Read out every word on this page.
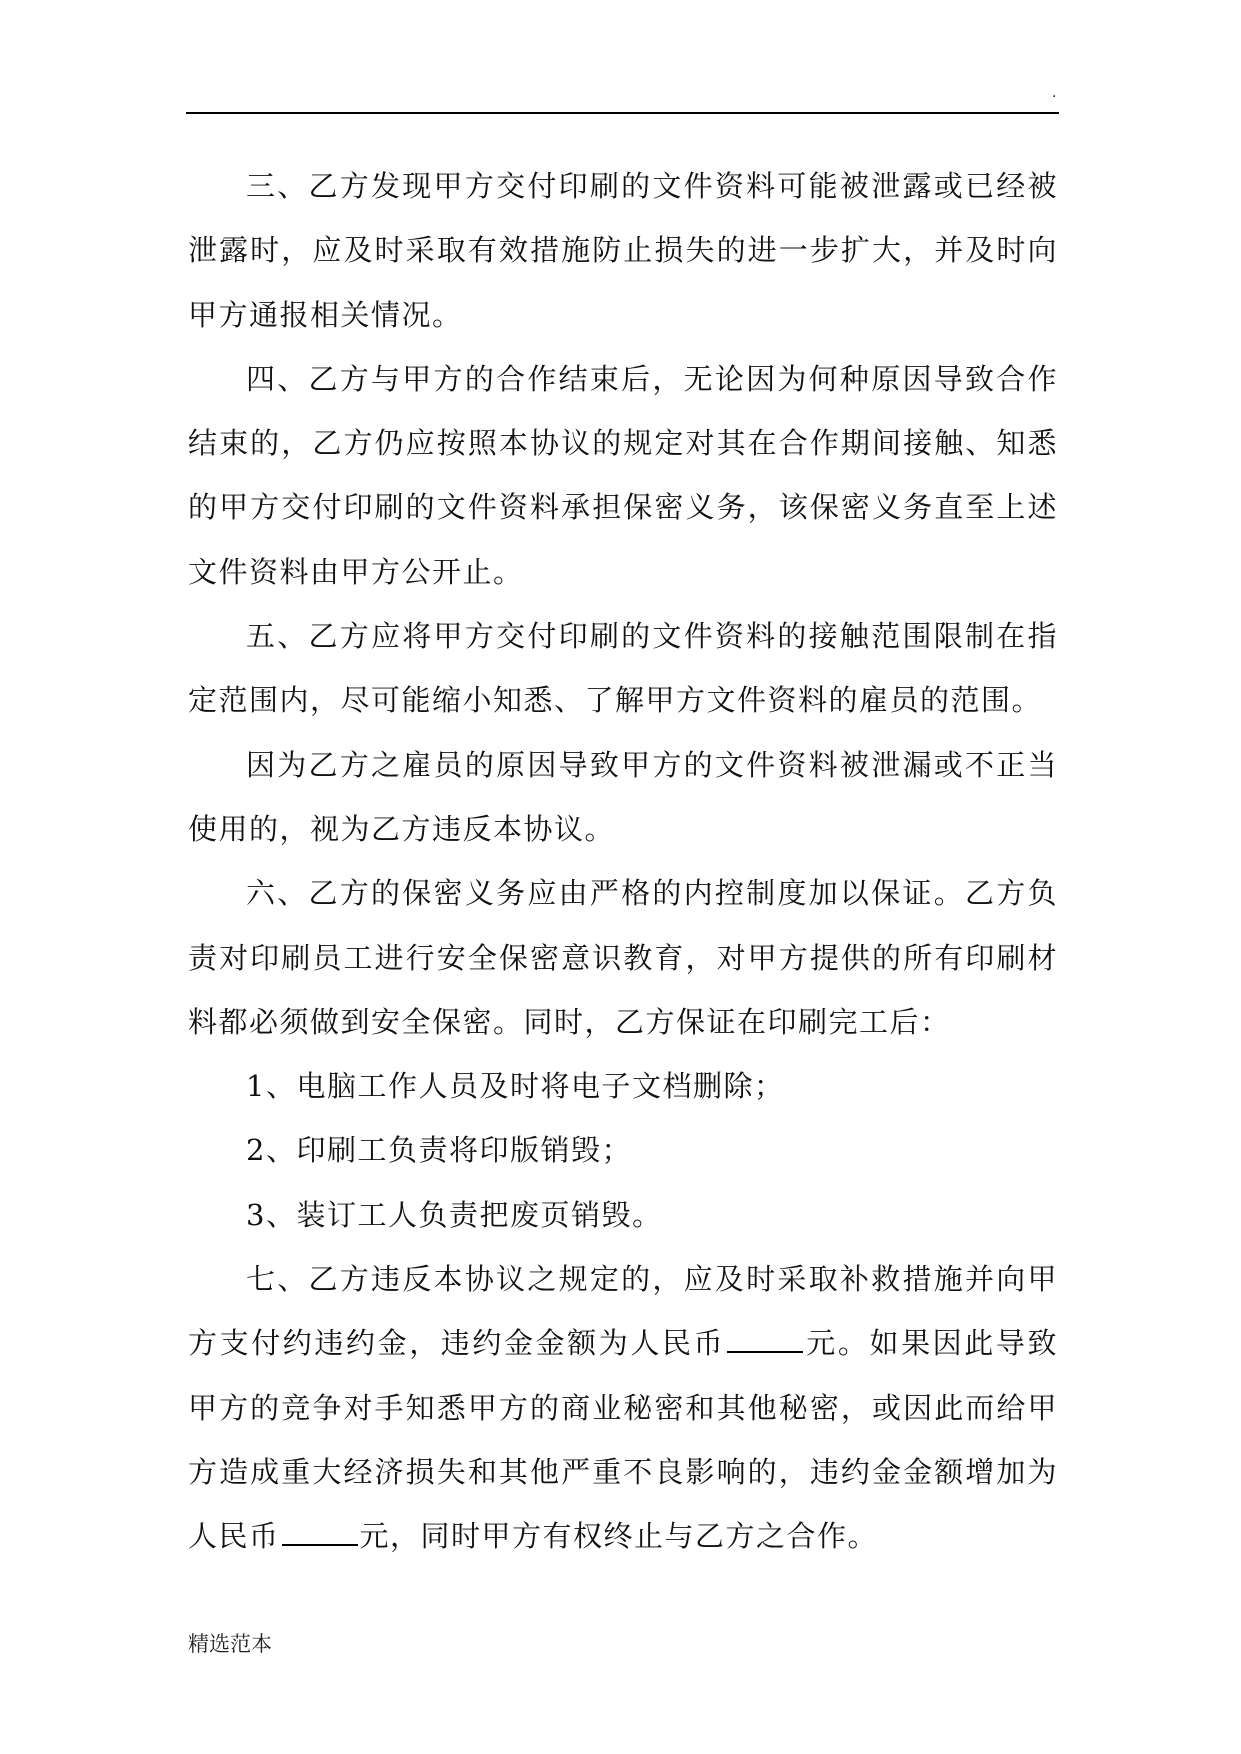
.

三、乙方发现甲方交付印刷的文件资料可能被泄露或已经被泄露时，应及时采取有效措施防止损失的进一步扩大，并及时向甲方通报相关情况。

四、乙方与甲方的合作结束后，无论因为何种原因导致合作结束的，乙方仍应按照本协议的规定对其在合作期间接触、知悉的甲方交付印刷的文件资料承担保密义务，该保密义务直至上述文件资料由甲方公开止。

五、乙方应将甲方交付印刷的文件资料的接触范围限制在指定范围内，尽可能缩小知悉、了解甲方文件资料的雇员的范围。

因为乙方之雇员的原因导致甲方的文件资料被泄漏或不正当使用的，视为乙方违反本协议。

六、乙方的保密义务应由严格的内控制度加以保证。乙方负责对印刷员工进行安全保密意识教育，对甲方提供的所有印刷材料都必须做到安全保密。同时，乙方保证在印刷完工后：

1、电脑工作人员及时将电子文档删除；

2、印刷工负责将印版销毁；

3、装订工人负责把废页销毁。

七、乙方违反本协议之规定的，应及时采取补救措施并向甲方支付约违约金，违约金金额为人民币	元。如果因此导致甲方的竞争对手知悉甲方的商业秘密和其他秘密，或因此而给甲方造成重大经济损失和其他严重不良影响的，违约金金额增加为人民币	元，同时甲方有权终止与乙方之合作。

精选范本
